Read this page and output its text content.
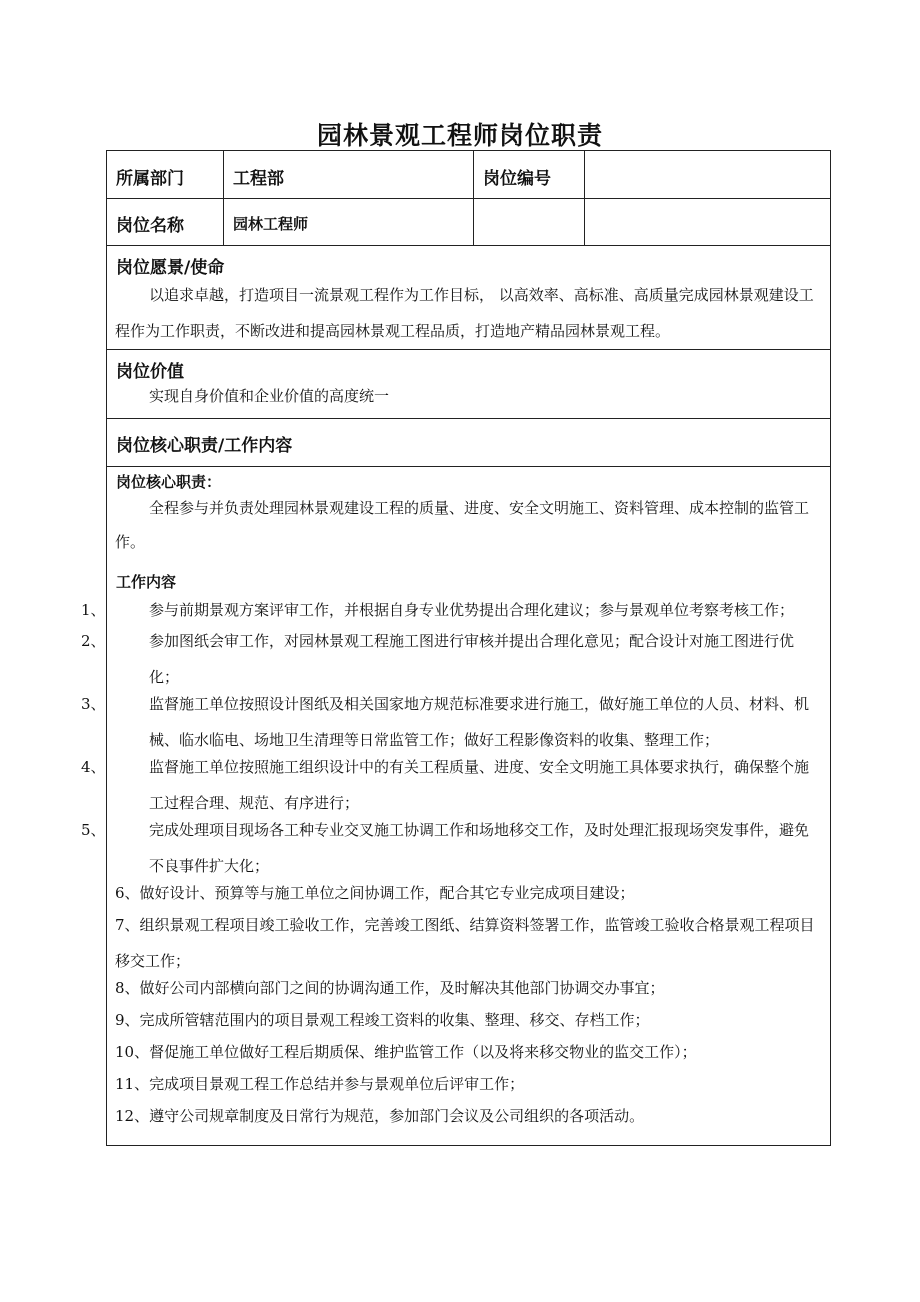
园林景观工程师岗位职责
所属部门	工程部	岗位编号
岗位名称	园林工程师
岗位愿景/使命
以追求卓越，打造项目一流景观工程作为工作目标， 以高效率、高标准、高质量完成园林景观建设工程作为工作职责，不断改进和提高园林景观工程品质，打造地产精品园林景观工程。
岗位价值
实现自身价值和企业价值的高度统一
岗位核心职责/工作内容
岗位核心职责：
全程参与并负责处理园林景观建设工程的质量、进度、安全文明施工、资料管理、成本控制的监管工作。
工作内容
1、	参与前期景观方案评审工作，并根据自身专业优势提出合理化建议；参与景观单位考察考核工作；
2、	参加图纸会审工作，对园林景观工程施工图进行审核并提出合理化意见；配合设计对施工图进行优化；
3、	监督施工单位按照设计图纸及相关国家地方规范标准要求进行施工，做好施工单位的人员、材料、机械、临水临电、场地卫生清理等日常监管工作；做好工程影像资料的收集、整理工作；
4、	监督施工单位按照施工组织设计中的有关工程质量、进度、安全文明施工具体要求执行，确保整个施工过程合理、规范、有序进行；
5、	完成处理项目现场各工种专业交叉施工协调工作和场地移交工作，及时处理汇报现场突发事件，避免不良事件扩大化；
6、做好设计、预算等与施工单位之间协调工作，配合其它专业完成项目建设；
7、组织景观工程项目竣工验收工作，完善竣工图纸、结算资料签署工作，监管竣工验收合格景观工程项目移交工作；
8、做好公司内部横向部门之间的协调沟通工作，及时解决其他部门协调交办事宜；
9、完成所管辖范围内的项目景观工程竣工资料的收集、整理、移交、存档工作；
10、督促施工单位做好工程后期质保、维护监管工作（以及将来移交物业的监交工作）；
11、完成项目景观工程工作总结并参与景观单位后评审工作；
12、遵守公司规章制度及日常行为规范，参加部门会议及公司组织的各项活动。
